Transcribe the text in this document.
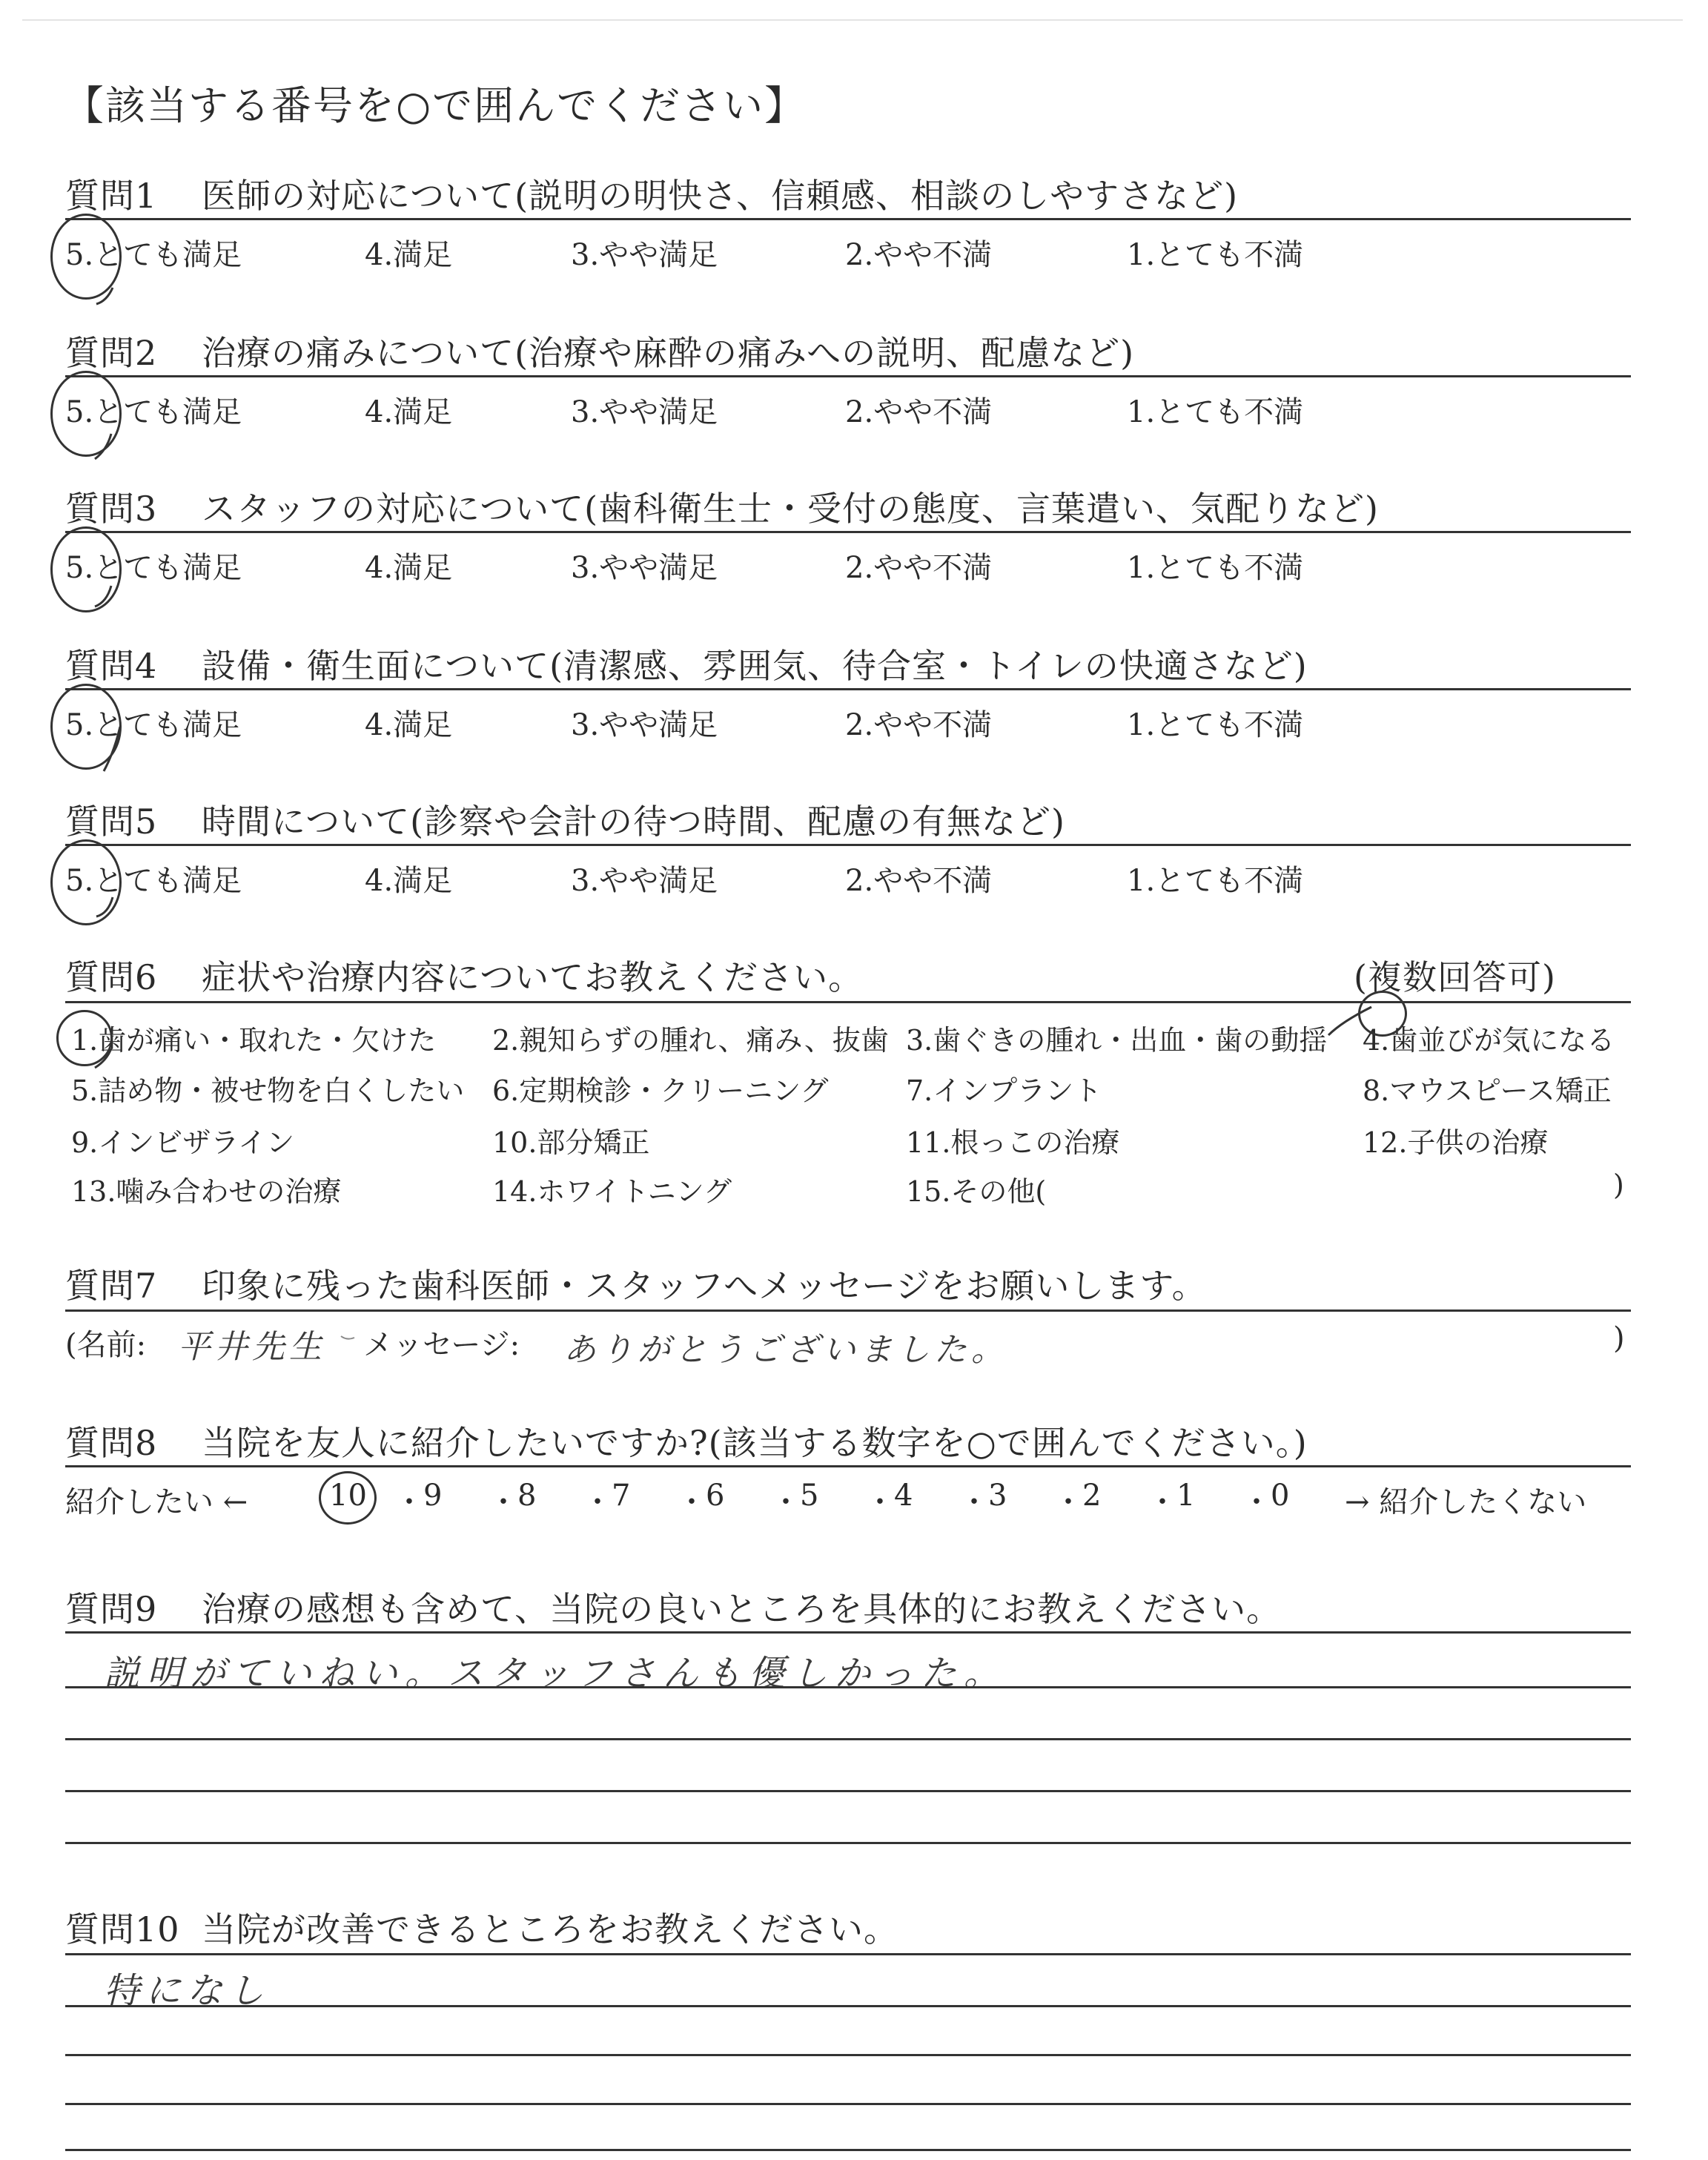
【該当する番号を○で囲んでください】
質問1 医師の対応について(説明の明快さ、信頼感、相談のしやすさなど)
5.とても満足	4.満足	3.やや満足	2.やや不満	1.とても不満
質問2 治療の痛みについて(治療や麻酔の痛みへの説明、配慮など)
5.とても満足	4.満足	3.やや満足	2.やや不満	1.とても不満
質問3 スタッフの対応について(歯科衛生士・受付の態度、言葉遣い、気配りなど)
5.とても満足	4.満足	3.やや満足	2.やや不満	1.とても不満
質問4 設備・衛生面について(清潔感、雰囲気、待合室・トイレの快適さなど)
5.とても満足	4.満足	3.やや満足	2.やや不満	1.とても不満
質問5 時間について(診察や会計の待つ時間、配慮の有無など)
5.とても満足	4.満足	3.やや満足	2.やや不満	1.とても不満
質問6 症状や治療内容についてお教えください。	(複数回答可)
1.歯が痛い・取れた・欠けた 2.親知らずの腫れ、痛み、抜歯 3.歯ぐきの腫れ・出血・歯の動揺 4.歯並びが気になる
5.詰め物・被せ物を白くしたい 6.定期検診・クリーニング	7.インプラント	8.マウスピース矯正
9.インビザライン	10.部分矯正	11.根っこの治療	12.子供の治療
13.噛み合わせの治療	14.ホワイトニング	15.その他(	)
質問7 印象に残った歯科医師・スタッフへメッセージをお願いします。
(名前: 平井先生 メッセージ: ありがとうございました。	)
質問8 当院を友人に紹介したいですか?(該当する数字を○で囲んでください。)
紹介したい ←	→ 紹介したくない
10 ・ 9 ・ 8 ・ 7 ・ 6 ・ 5 ・ 4 ・ 3 ・ 2 ・ 1 ・ 0
質問9 治療の感想も含めて、当院の良いところを具体的にお教えください。
説明がていねい。スタッフさんも優しかった。
質問10 当院が改善できるところをお教えください。
特になし
